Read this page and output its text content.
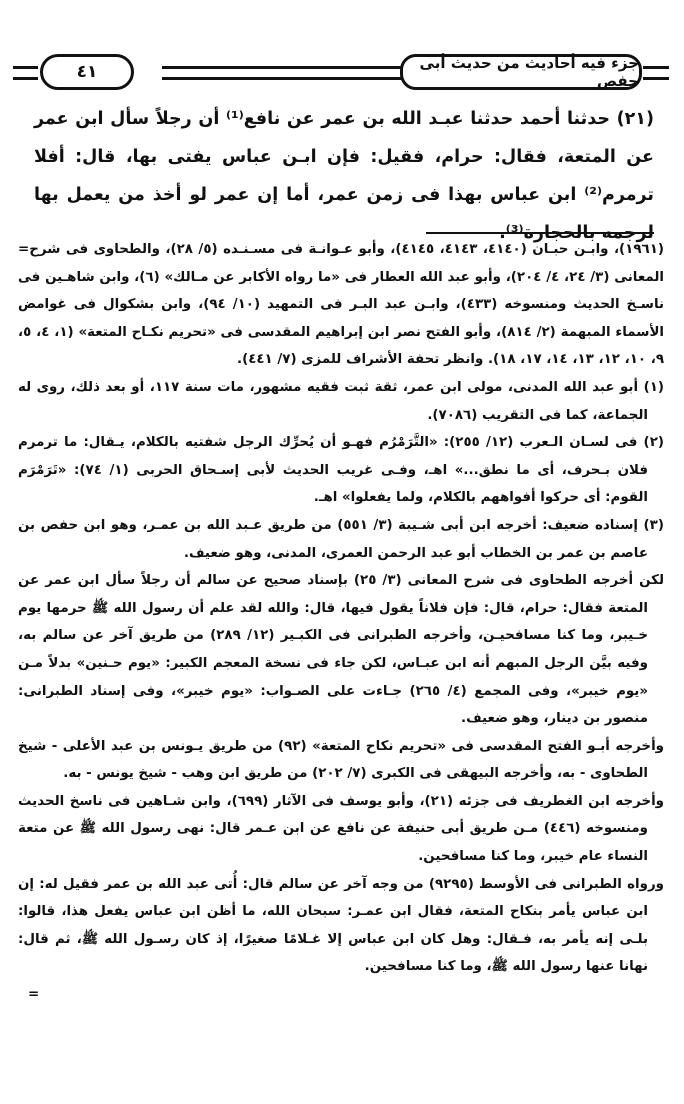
جزء فيه أحاديث من حديث أبى حفص
٤١

(٢١) حدثنا أحمد حدثنا عبـد الله بن عمر عن نافع⁽¹⁾ أن رجلاً سأل ابن عمر عن المتعة، فقال: حرام، فقيل: فإن ابـن عباس يفتى بها، قال: أفلا ترمرم⁽²⁾ ابن عباس بهذا فى زمن عمر، أما إن عمر لو أخذ من يعمل بها لرجمه بالحجارة⁽³⁾.

= (١٩٦١)، وابـن حبـان (٤١٤٠، ٤١٤٣، ٤١٤٥)، وأبو عـوانـة فى مسـنـده (٥/ ٢٨)، والطحاوى فى شرح المعانى (٣/ ٢٤، ٤/ ٢٠٤)، وأبو عبد الله العطار فى «ما رواه الأكابر عن مـالك» (٦)، وابن شاهـين فى ناسـخ الحديث ومنسوخه (٤٣٣)، وابـن عبد البـر فى التمهيد (١٠/ ٩٤)، وابن بشكوال فى غوامض الأسماء المبهمة (٢/ ٨١٤)، وأبو الفتح نصر ابن إبراهيم المقدسى فى «تحريم نكـاح المتعة» (١، ٤، ٥، ٩، ١٠، ١٢، ١٣، ١٤، ١٧، ١٨). وانظر تحفة الأشراف للمزى (٧/ ٤٤١).

(١) أبو عبد الله المدنى، مولى ابن عمر، ثقة ثبت فقيه مشهور، مات سنة ١١٧، أو بعد ذلك، روى له الجماعة، كما فى التقريب (٧٠٨٦).

(٢) فى لسـان الـعرب (١٢/ ٢٥٥): «التَّرَمْرُم فهـو أن يُحرِّك الرجل شفتيه بالكلام، يـقال: ما ترمرم فلان بـحرف، أى ما نطق...» اهـ، وفـى غريب الحديث لأبى إسـحاق الحربى (١/ ٧٤): «تَرَمْرَم القوم: أى حركوا أفواههم بالكلام، ولما يفعلوا» اهـ.

(٣) إسناده ضعيف: أخرجه ابن أبى شـيبة (٣/ ٥٥١) من طريق عـبد الله بن عمـر، وهو ابن حفص بن عاصم بن عمر بن الخطاب أبو عبد الرحمن العمرى، المدنى، وهو ضعيف.

لكن أخرجه الطحاوى فى شرح المعانى (٣/ ٢٥) بإسناد صحيح عن سالم أن رجلاً سأل ابن عمر عن المتعة فقال: حرام، قال: فإن فلاناً يقول فيها، قال: والله لقد علم أن رسول الله ﷺ حرمها يوم خـيبر، وما كنا مسافحيـن، وأخرجه الطبرانى فى الكبـير (١٢/ ٢٨٩) من طريق آخر عن سالم به، وفيه بيَّن الرجل المبهم أنه ابن عبـاس، لكن جاء فى نسخة المعجم الكبير: «يوم حـنين» بدلاً مـن «يوم خيبر»، وفى المجمع (٤/ ٢٦٥) جـاءت على الصـواب: «يوم خيبر»، وفى إسناد الطبرانى: منصور بن دينار، وهو ضعيف.

وأخرجه أبـو الفتح المقدسى فى «تحريم نكاح المتعة» (٩٢) من طريق يـونس بن عبد الأعلى - شيخ الطحاوى - به، وأخرجه البيهقى فى الكبرى (٧/ ٢٠٢) من طريق ابن وهب - شيخ يونس - به.

وأخرجه ابن الغطريف فى جزئه (٢١)، وأبو يوسف فى الآثار (٦٩٩)، وابن شـاهين فى ناسخ الحديث ومنسوخه (٤٤٦) مـن طريق أبى حنيفة عن نافع عن ابن عـمر قال: نهى رسول الله ﷺ عن متعة النساء عام خيبر، وما كنا مسافحين.

ورواه الطبرانى فى الأوسط (٩٢٩٥) من وجه آخر عن سالم قال: أُتى عبد الله بن عمر فقيل له: إن ابن عباس يأمر بنكاح المتعة، فقال ابن عمـر: سبحان الله، ما أظن ابن عباس يفعل هذا، قالوا: بلـى إنه يأمر به، فـقال: وهل كان ابن عباس إلا غـلامًا صغيرًا، إذ كان رسـول الله ﷺ، ثم قال: نهانا عنها رسول الله ﷺ، وما كنا مسافحين.
=
